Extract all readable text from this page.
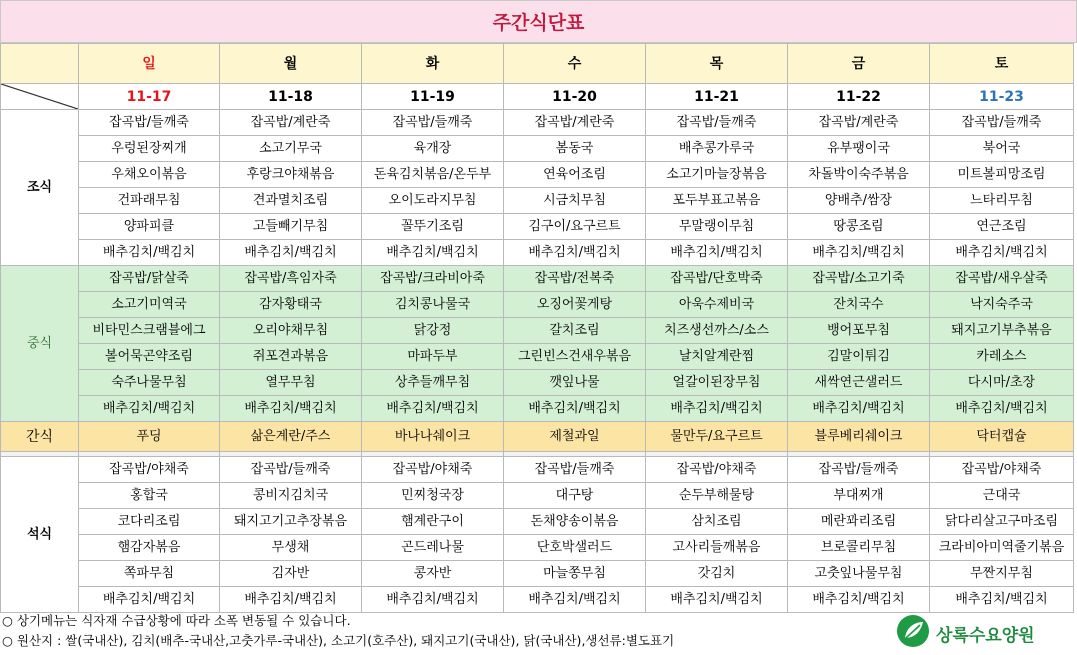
주간식단표
	일	월	화	수	목	금	토

	11-17	11-18	11-19	11-20	11-21	11-22	11-23
조식	잡곡밥/들깨죽	잡곡밥/계란죽	잡곡밥/들깨죽	잡곡밥/계란죽	잡곡밥/들깨죽	잡곡밥/계란죽	잡곡밥/들깨죽
	우렁된장찌개	소고기무국	육개장	봄동국	배추콩가루국	유부팽이국	북어국
	우채오이볶음	후랑크야채볶음	돈육김치볶음/온두부	연육어조림	소고기마늘장볶음	차돌박이숙주볶음	미트볼피망조림
	건파래무침	견과멸치조림	오이도라지무침	시금치무침	포두부표고볶음	양배추/쌈장	느타리무침
	양파피클	고들빼기무침	꼴뚜기조림	김구이/요구르트	무말랭이무침	땅콩조림	연근조림
	배추김치/백김치	배추김치/백김치	배추김치/백김치	배추김치/백김치	배추김치/백김치	배추김치/백김치	배추김치/백김치
중식	잡곡밥/닭살죽	잡곡밥/흑임자죽	잡곡밥/크라비아죽	잡곡밥/전복죽	잡곡밥/단호박죽	잡곡밥/소고기죽	잡곡밥/새우살죽
	소고기미역국	감자황태국	김치콩나물국	오징어꽃게탕	아욱수제비국	잔치국수	낙지숙주국
	비타민스크램블에그	오리야채무침	닭강정	갈치조림	치즈생선까스/소스	뱅어포무침	돼지고기부추볶음
	볼어묵곤약조림	쥐포견과볶음	마파두부	그린빈스건새우볶음	날치알계란찜	김말이튀김	카레소스
	숙주나물무침	열무무침	상추들깨무침	깻잎나물	얼갈이된장무침	새싹연근샐러드	다시마/초장
	배추김치/백김치	배추김치/백김치	배추김치/백김치	배추김치/백김치	배추김치/백김치	배추김치/백김치	배추김치/백김치
간식	푸딩	삶은계란/주스	바나나쉐이크	제철과일	물만두/요구르트	블루베리쉐이크	닥터캡슐

석식	잡곡밥/야채죽	잡곡밥/들깨죽	잡곡밥/야채죽	잡곡밥/들깨죽	잡곡밥/야채죽	잡곡밥/들깨죽	잡곡밥/야채죽
	홍합국	콩비지김치국	민찌청국장	대구탕	순두부해물탕	부대찌개	근대국
	코다리조림	돼지고기고추장볶음	햄계란구이	돈채양송이볶음	삼치조림	메란꽈리조림	닭다리살고구마조림
	햄감자볶음	무생채	곤드레나물	단호박샐러드	고사리들깨볶음	브로콜리무침	크라비아미역줄기볶음
	쪽파무침	김자반	콩자반	마늘쫑무침	갓김치	고춧잎나물무침	무짠지무침
	배추김치/백김치	배추김치/백김치	배추김치/백김치	배추김치/백김치	배추김치/백김치	배추김치/백김치	배추김치/백김치
○ 상기메뉴는 식자재 수급상황에 따라 소폭 변동될 수 있습니다.
○ 원산지 : 쌀(국내산), 김치(배추-국내산,고춧가루-국내산), 소고기(호주산), 돼지고기(국내산), 닭(국내산),생선류:별도표기	상록수요양원
